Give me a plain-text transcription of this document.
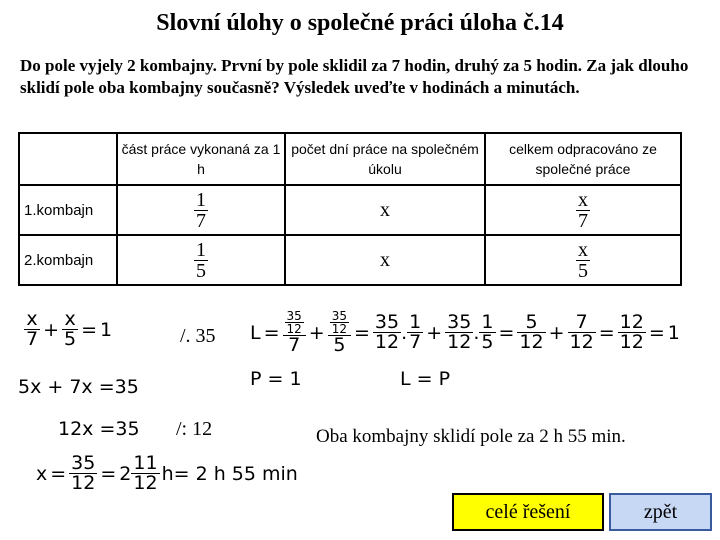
Slovní úlohy o společné práci úloha č.14
Do pole vyjely 2 kombajny. První by pole sklidil za 7 hodin, druhý za 5 hodin. Za jak dlouho sklidí pole oba kombajny současně? Výsledek uveďte v hodinách a minutách.
	část práce vykonaná za 1 h	počet dní práce na společném úkolu	celkem odpracováno ze společné práce
1.kombajn	$\frac{1}{7}$	x	$\frac{x}{7}$

2.kombajn	$\frac{1}{5}$	x	$\frac{x}{5}$
$\frac{x}{7} + \frac{x}{5} = 1$	/. 35
5x + 7x =35
12x =35 /: 12
$x = \frac{35}{12} = 2 \frac{11}{12} h= 2$ h 55 min
$L = \frac{\frac{35}{12}}{7} + \frac{\frac{35}{12}}{5} = \frac{35}{12}$ . $\frac{1}{7} + \frac{35}{12}$ . $\frac{1}{5} = \frac{5}{12} + \frac{7}{12} = \frac{12}{12} = 1$
P = 1	L = P
Oba kombajny sklidí pole za 2 h 55 min.
celé řešení	zpět
